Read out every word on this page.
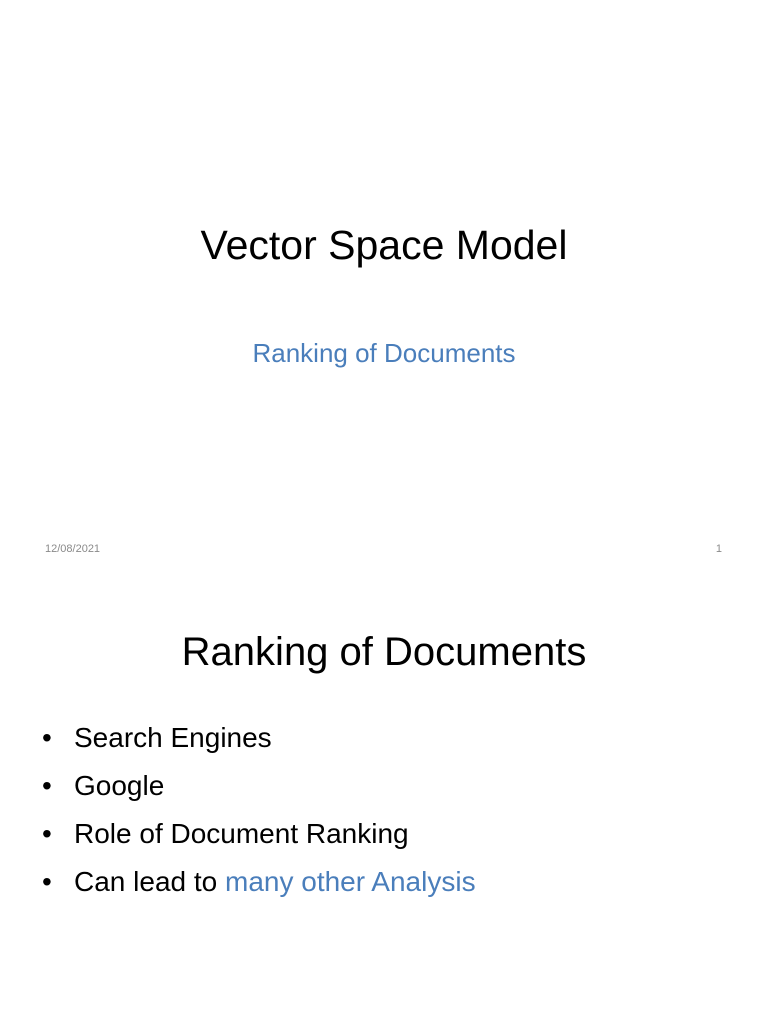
Vector Space Model
Ranking of Documents
12/08/2021	1
Ranking of Documents
• Search Engines
• Google
• Role of Document Ranking
• Can lead to many other Analysis
